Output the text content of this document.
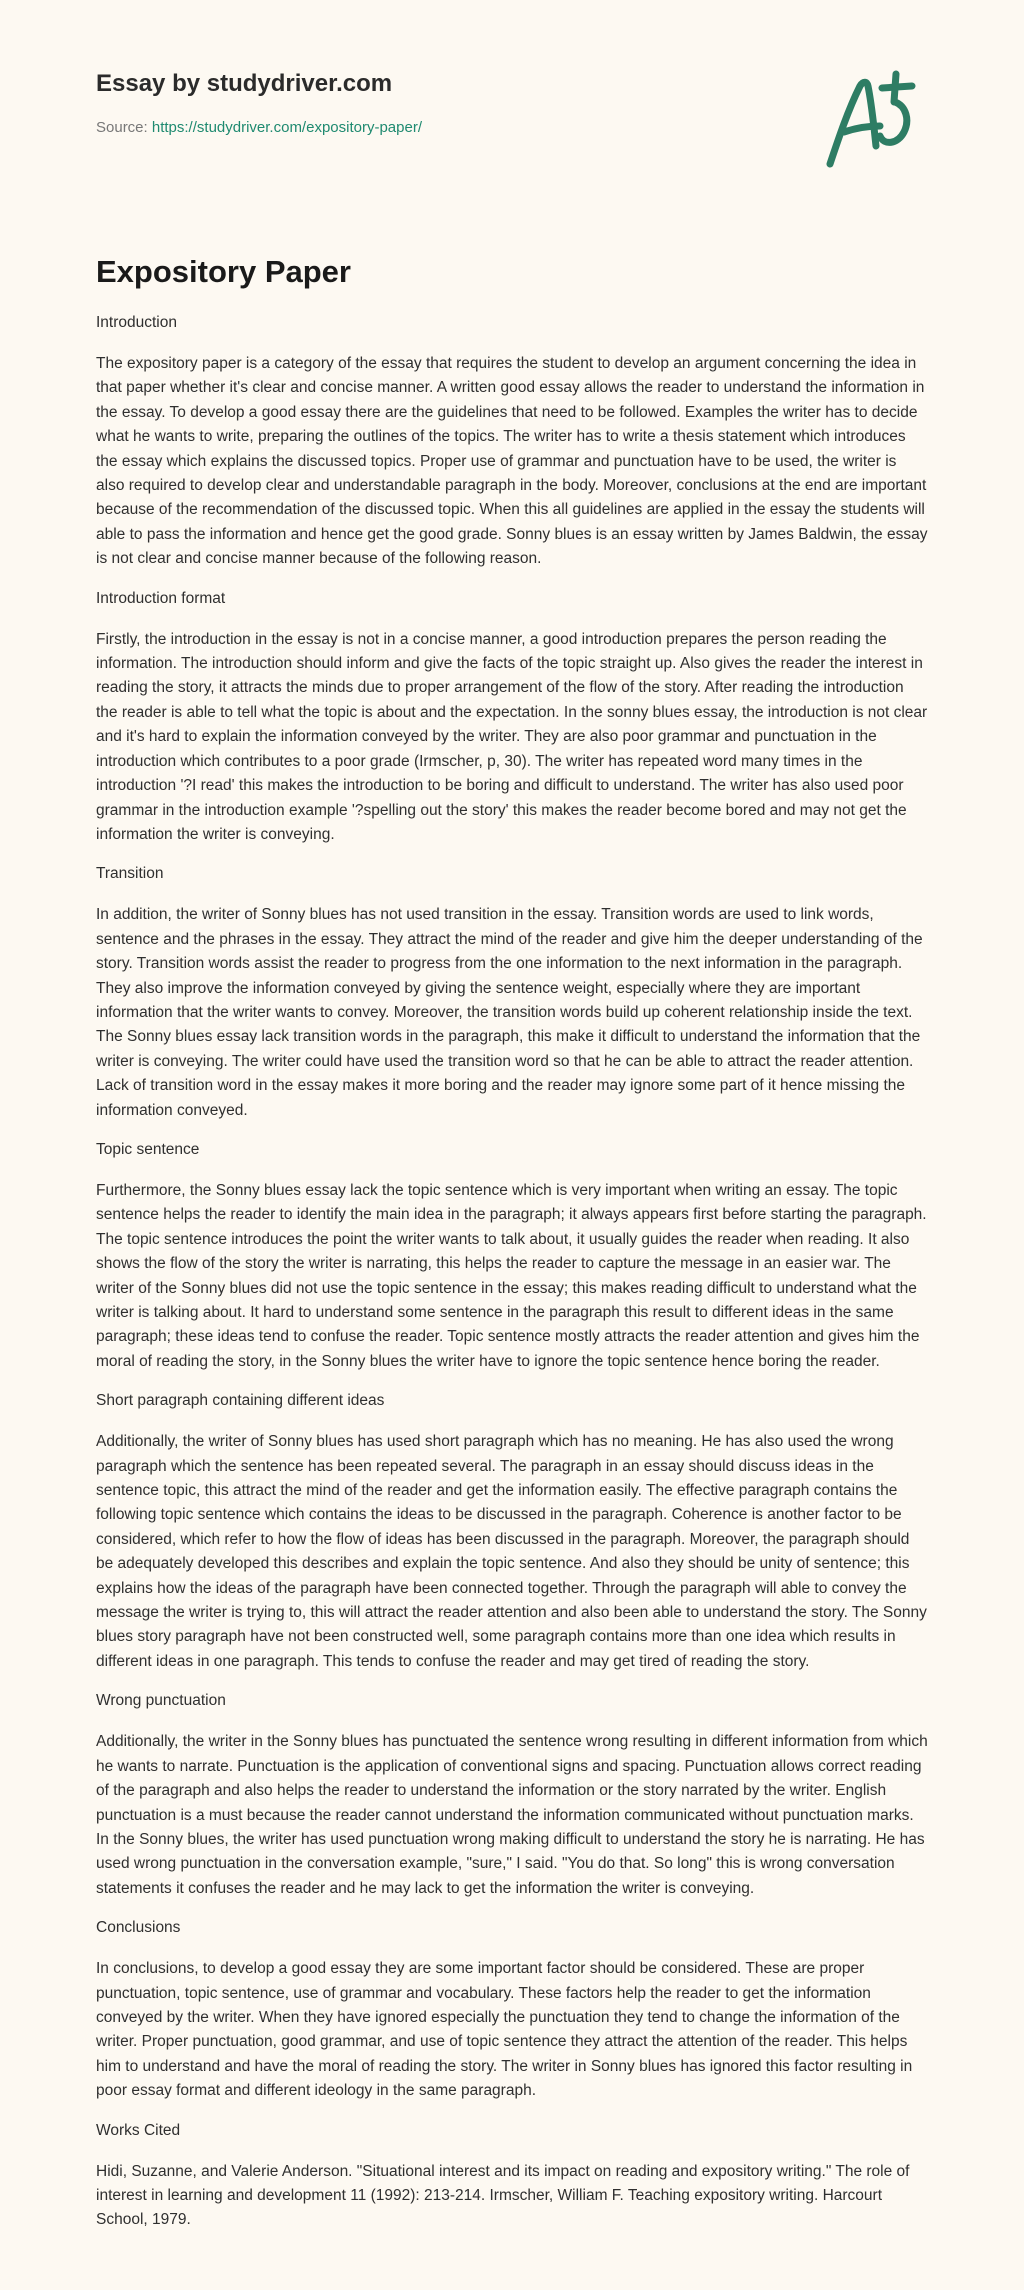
Essay by studydriver.com
Source: https://studydriver.com/expository-paper/
Expository Paper

Introduction

The expository paper is a category of the essay that requires the student to develop an argument concerning the idea in that paper whether it's clear and concise manner. A written good essay allows the reader to understand the information in the essay. To develop a good essay there are the guidelines that need to be followed. Examples the writer has to decide what he wants to write, preparing the outlines of the topics. The writer has to write a thesis statement which introduces the essay which explains the discussed topics. Proper use of grammar and punctuation have to be used, the writer is also required to develop clear and understandable paragraph in the body. Moreover, conclusions at the end are important because of the recommendation of the discussed topic. When this all guidelines are applied in the essay the students will able to pass the information and hence get the good grade. Sonny blues is an essay written by James Baldwin, the essay is not clear and concise manner because of the following reason.

Introduction format

Firstly, the introduction in the essay is not in a concise manner, a good introduction prepares the person reading the information. The introduction should inform and give the facts of the topic straight up. Also gives the reader the interest in reading the story, it attracts the minds due to proper arrangement of the flow of the story. After reading the introduction the reader is able to tell what the topic is about and the expectation. In the sonny blues essay, the introduction is not clear and it's hard to explain the information conveyed by the writer. They are also poor grammar and punctuation in the introduction which contributes to a poor grade (Irmscher, p, 30). The writer has repeated word many times in the introduction '?I read' this makes the introduction to be boring and difficult to understand. The writer has also used poor grammar in the introduction example '?spelling out the story' this makes the reader become bored and may not get the information the writer is conveying.

Transition

In addition, the writer of Sonny blues has not used transition in the essay. Transition words are used to link words, sentence and the phrases in the essay. They attract the mind of the reader and give him the deeper understanding of the story. Transition words assist the reader to progress from the one information to the next information in the paragraph. They also improve the information conveyed by giving the sentence weight, especially where they are important information that the writer wants to convey. Moreover, the transition words build up coherent relationship inside the text. The Sonny blues essay lack transition words in the paragraph, this make it difficult to understand the information that the writer is conveying. The writer could have used the transition word so that he can be able to attract the reader attention. Lack of transition word in the essay makes it more boring and the reader may ignore some part of it hence missing the information conveyed.

Topic sentence

Furthermore, the Sonny blues essay lack the topic sentence which is very important when writing an essay. The topic sentence helps the reader to identify the main idea in the paragraph; it always appears first before starting the paragraph. The topic sentence introduces the point the writer wants to talk about, it usually guides the reader when reading. It also shows the flow of the story the writer is narrating, this helps the reader to capture the message in an easier war. The writer of the Sonny blues did not use the topic sentence in the essay; this makes reading difficult to understand what the writer is talking about. It hard to understand some sentence in the paragraph this result to different ideas in the same paragraph; these ideas tend to confuse the reader. Topic sentence mostly attracts the reader attention and gives him the moral of reading the story, in the Sonny blues the writer have to ignore the topic sentence hence boring the reader.

Short paragraph containing different ideas

Additionally, the writer of Sonny blues has used short paragraph which has no meaning. He has also used the wrong paragraph which the sentence has been repeated several. The paragraph in an essay should discuss ideas in the sentence topic, this attract the mind of the reader and get the information easily. The effective paragraph contains the following topic sentence which contains the ideas to be discussed in the paragraph. Coherence is another factor to be considered, which refer to how the flow of ideas has been discussed in the paragraph. Moreover, the paragraph should be adequately developed this describes and explain the topic sentence. And also they should be unity of sentence; this explains how the ideas of the paragraph have been connected together. Through the paragraph will able to convey the message the writer is trying to, this will attract the reader attention and also been able to understand the story. The Sonny blues story paragraph have not been constructed well, some paragraph contains more than one idea which results in different ideas in one paragraph. This tends to confuse the reader and may get tired of reading the story.

Wrong punctuation

Additionally, the writer in the Sonny blues has punctuated the sentence wrong resulting in different information from which he wants to narrate. Punctuation is the application of conventional signs and spacing. Punctuation allows correct reading of the paragraph and also helps the reader to understand the information or the story narrated by the writer. English punctuation is a must because the reader cannot understand the information communicated without punctuation marks. In the Sonny blues, the writer has used punctuation wrong making difficult to understand the story he is narrating. He has used wrong punctuation in the conversation example, "sure," I said. "You do that. So long" this is wrong conversation statements it confuses the reader and he may lack to get the information the writer is conveying.

Conclusions

In conclusions, to develop a good essay they are some important factor should be considered. These are proper punctuation, topic sentence, use of grammar and vocabulary. These factors help the reader to get the information conveyed by the writer. When they have ignored especially the punctuation they tend to change the information of the writer. Proper punctuation, good grammar, and use of topic sentence they attract the attention of the reader. This helps him to understand and have the moral of reading the story. The writer in Sonny blues has ignored this factor resulting in poor essay format and different ideology in the same paragraph.

Works Cited

Hidi, Suzanne, and Valerie Anderson. "Situational interest and its impact on reading and expository writing." The role of interest in learning and development 11 (1992): 213-214. Irmscher, William F. Teaching expository writing. Harcourt School, 1979.
